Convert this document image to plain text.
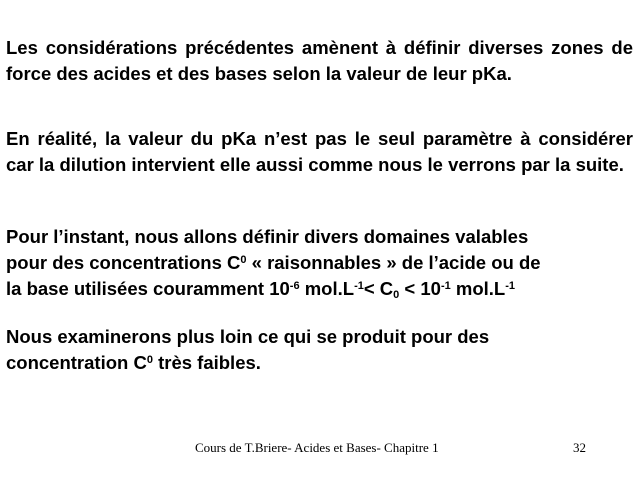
Les considérations précédentes amènent à définir diverses zones de force des acides et des bases selon la valeur de leur pKa.

En réalité, la valeur du pKa n’est pas le seul paramètre à considérer car la dilution intervient elle aussi comme nous le verrons par la suite.

Pour l’instant, nous allons définir divers domaines valables
pour des concentrations $C^0$ « raisonnables » de l’acide ou de
la base utilisées couramment $10^{-6}$ $mol.L^{-1}< C_0 < 10^{-1}$ $mol.L^{-1}$

Nous examinerons plus loin ce qui se produit pour des
concentration $C^0$ très faibles.

Cours de T.Briere- Acides et Bases- Chapitre 1	32
